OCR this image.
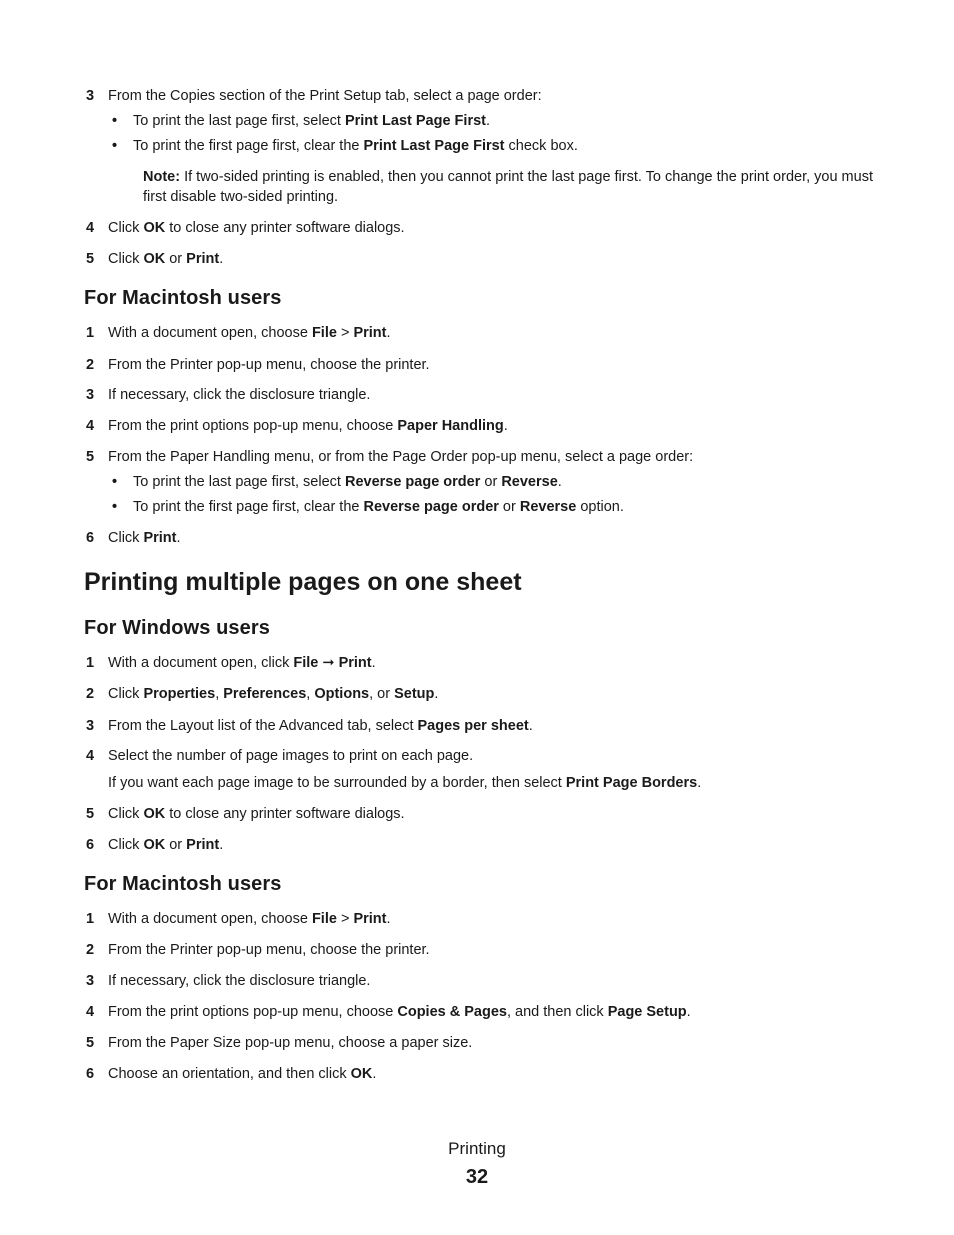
3 From the Copies section of the Print Setup tab, select a page order:
• To print the last page first, select Print Last Page First.
• To print the first page first, clear the Print Last Page First check box.
Note: If two-sided printing is enabled, then you cannot print the last page first. To change the print order, you must first disable two-sided printing.
4 Click OK to close any printer software dialogs.
5 Click OK or Print.
For Macintosh users
1 With a document open, choose File > Print.
2 From the Printer pop-up menu, choose the printer.
3 If necessary, click the disclosure triangle.
4 From the print options pop-up menu, choose Paper Handling.
5 From the Paper Handling menu, or from the Page Order pop-up menu, select a page order:
• To print the last page first, select Reverse page order or Reverse.
• To print the first page first, clear the Reverse page order or Reverse option.
6 Click Print.
Printing multiple pages on one sheet
For Windows users
1 With a document open, click File ➞ Print.
2 Click Properties, Preferences, Options, or Setup.
3 From the Layout list of the Advanced tab, select Pages per sheet.
4 Select the number of page images to print on each page.
If you want each page image to be surrounded by a border, then select Print Page Borders.
5 Click OK to close any printer software dialogs.
6 Click OK or Print.
For Macintosh users
1 With a document open, choose File > Print.
2 From the Printer pop-up menu, choose the printer.
3 If necessary, click the disclosure triangle.
4 From the print options pop-up menu, choose Copies & Pages, and then click Page Setup.
5 From the Paper Size pop-up menu, choose a paper size.
6 Choose an orientation, and then click OK.
Printing
32
